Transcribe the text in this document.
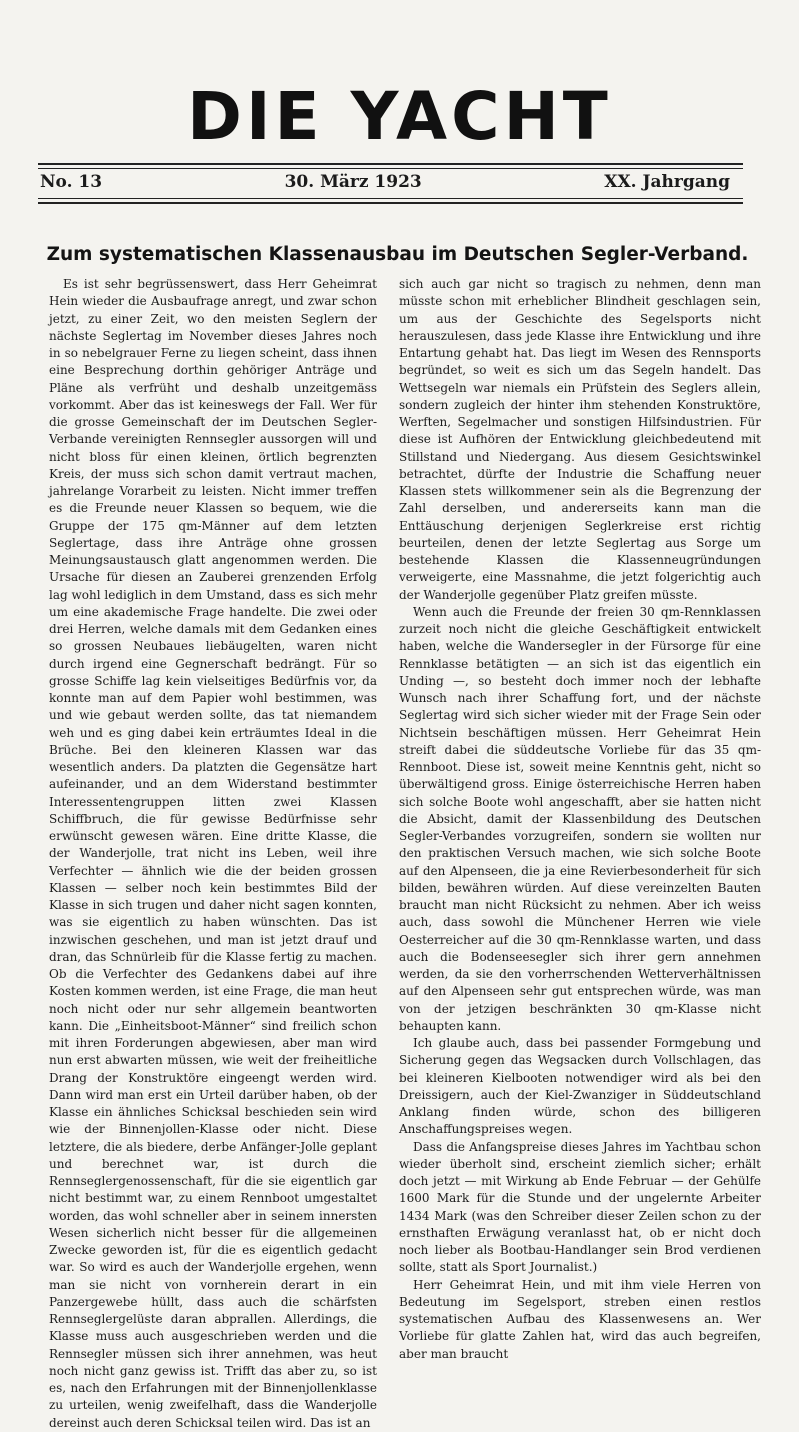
DIE YACHT
No. 13	30. März 1923	XX. Jahrgang
Zum systematischen Klassenausbau im Deutschen Segler-Verband.

Es ist sehr begrüssenswert, dass Herr Geheimrat Hein wieder die Ausbaufrage anregt, und zwar schon jetzt, zu einer Zeit, wo den meisten Seglern der nächste Seglertag im November dieses Jahres noch in so nebelgrauer Ferne zu liegen scheint, dass ihnen eine Besprechung dorthin gehöriger Anträge und Pläne als verfrüht und deshalb unzeitgemäss vorkommt. Aber das ist keineswegs der Fall. Wer für die grosse Gemeinschaft der im Deutschen Segler-Verbande vereinigten Rennsegler aussorgen will und nicht bloss für einen kleinen, örtlich begrenzten Kreis, der muss sich schon damit vertraut machen, jahrelange Vorarbeit zu leisten. Nicht immer treffen es die Freunde neuer Klassen so bequem, wie die Gruppe der 175 qm-Männer auf dem letzten Seglertage, dass ihre Anträge ohne grossen Meinungsaustausch glatt angenommen werden. Die Ursache für diesen an Zauberei grenzenden Erfolg lag wohl lediglich in dem Umstand, dass es sich mehr um eine akademische Frage handelte. Die zwei oder drei Herren, welche damals mit dem Gedanken eines so grossen Neubaues liebäugelten, waren nicht durch irgend eine Gegnerschaft bedrängt. Für so grosse Schiffe lag kein vielseitiges Bedürfnis vor, da konnte man auf dem Papier wohl bestimmen, was und wie gebaut werden sollte, das tat niemandem weh und es ging dabei kein erträumtes Ideal in die Brüche. Bei den kleineren Klassen war das wesentlich anders. Da platzten die Gegensätze hart aufeinander, und an dem Widerstand bestimmter Interessentengruppen litten zwei Klassen Schiffbruch, die für gewisse Bedürfnisse sehr erwünscht gewesen wären. Eine dritte Klasse, die der Wanderjolle, trat nicht ins Leben, weil ihre Verfechter — ähnlich wie die der beiden grossen Klassen — selber noch kein bestimmtes Bild der Klasse in sich trugen und daher nicht sagen konnten, was sie eigentlich zu haben wünschten. Das ist inzwischen geschehen, und man ist jetzt drauf und dran, das Schnürleib für die Klasse fertig zu machen. Ob die Verfechter des Gedankens dabei auf ihre Kosten kommen werden, ist eine Frage, die man heut noch nicht oder nur sehr allgemein beantworten kann. Die „Einheitsboot-Männer“ sind freilich schon mit ihren Forderungen abgewiesen, aber man wird nun erst abwarten müssen, wie weit der freiheitliche Drang der Konstruktöre eingeengt werden wird. Dann wird man erst ein Urteil darüber haben, ob der Klasse ein ähnliches Schicksal beschieden sein wird wie der Binnenjollen-Klasse oder nicht. Diese letztere, die als biedere, derbe Anfänger-Jolle geplant und berechnet war, ist durch die Rennseglergenossenschaft, für die sie eigentlich gar nicht bestimmt war, zu einem Rennboot umgestaltet worden, das wohl schneller aber in seinem innersten Wesen sicherlich nicht besser für die allgemeinen Zwecke geworden ist, für die es eigentlich gedacht war. So wird es auch der Wanderjolle ergehen, wenn man sie nicht von vornherein derart in ein Panzergewebe hüllt, dass auch die schärfsten Rennseglergelüste daran abprallen. Allerdings, die Klasse muss auch ausgeschrieben werden und die Rennsegler müssen sich ihrer annehmen, was heut noch nicht ganz gewiss ist. Trifft das aber zu, so ist es, nach den Erfahrungen mit der Binnenjollenklasse zu urteilen, wenig zweifelhaft, dass die Wanderjolle dereinst auch deren Schicksal teilen wird. Das ist an

sich auch gar nicht so tragisch zu nehmen, denn man müsste schon mit erheblicher Blindheit geschlagen sein, um aus der Geschichte des Segelsports nicht herauszulesen, dass jede Klasse ihre Entwicklung und ihre Entartung gehabt hat. Das liegt im Wesen des Rennsports begründet, so weit es sich um das Segeln handelt. Das Wettsegeln war niemals ein Prüfstein des Seglers allein, sondern zugleich der hinter ihm stehenden Konstruktöre, Werften, Segelmacher und sonstigen Hilfsindustrien. Für diese ist Aufhören der Entwicklung gleichbedeutend mit Stillstand und Niedergang. Aus diesem Gesichtswinkel betrachtet, dürfte der Industrie die Schaffung neuer Klassen stets willkommener sein als die Begrenzung der Zahl derselben, und andererseits kann man die Enttäuschung derjenigen Seglerkreise erst richtig beurteilen, denen der letzte Seglertag aus Sorge um bestehende Klassen die Klassenneugründungen verweigerte, eine Massnahme, die jetzt folgerichtig auch der Wanderjolle gegenüber Platz greifen müsste.

Wenn auch die Freunde der freien 30 qm-Rennklassen zurzeit noch nicht die gleiche Geschäftigkeit entwickelt haben, welche die Wandersegler in der Fürsorge für eine Rennklasse betätigten — an sich ist das eigentlich ein Unding —, so besteht doch immer noch der lebhafte Wunsch nach ihrer Schaffung fort, und der nächste Seglertag wird sich sicher wieder mit der Frage Sein oder Nichtsein beschäftigen müssen. Herr Geheimrat Hein streift dabei die süddeutsche Vorliebe für das 35 qm-Rennboot. Diese ist, soweit meine Kenntnis geht, nicht so überwältigend gross. Einige österreichische Herren haben sich solche Boote wohl angeschafft, aber sie hatten nicht die Absicht, damit der Klassenbildung des Deutschen Segler-Verbandes vorzugreifen, sondern sie wollten nur den praktischen Versuch machen, wie sich solche Boote auf den Alpenseen, die ja eine Revierbesonderheit für sich bilden, bewähren würden. Auf diese vereinzelten Bauten braucht man nicht Rücksicht zu nehmen. Aber ich weiss auch, dass sowohl die Münchener Herren wie viele Oesterreicher auf die 30 qm-Rennklasse warten, und dass auch die Bodenseesegler sich ihrer gern annehmen werden, da sie den vorherrschenden Wetterverhältnissen auf den Alpenseen sehr gut entsprechen würde, was man von der jetzigen beschränkten 30 qm-Klasse nicht behaupten kann.

Ich glaube auch, dass bei passender Formgebung und Sicherung gegen das Wegsacken durch Vollschlagen, das bei kleineren Kielbooten notwendiger wird als bei den Dreissigern, auch der Kiel-Zwanziger in Süddeutschland Anklang finden würde, schon des billigeren Anschaffungspreises wegen.

Dass die Anfangspreise dieses Jahres im Yachtbau schon wieder überholt sind, erscheint ziemlich sicher; erhält doch jetzt — mit Wirkung ab Ende Februar — der Gehülfe 1600 Mark für die Stunde und der ungelernte Arbeiter 1434 Mark (was den Schreiber dieser Zeilen schon zu der ernsthaften Erwägung veranlasst hat, ob er nicht doch noch lieber als Bootbau-Handlanger sein Brod verdienen sollte, statt als Sport Journalist.)

Herr Geheimrat Hein, und mit ihm viele Herren von Bedeutung im Segelsport, streben einen restlos systematischen Aufbau des Klassenwesens an. Wer Vorliebe für glatte Zahlen hat, wird das auch begreifen, aber man braucht
